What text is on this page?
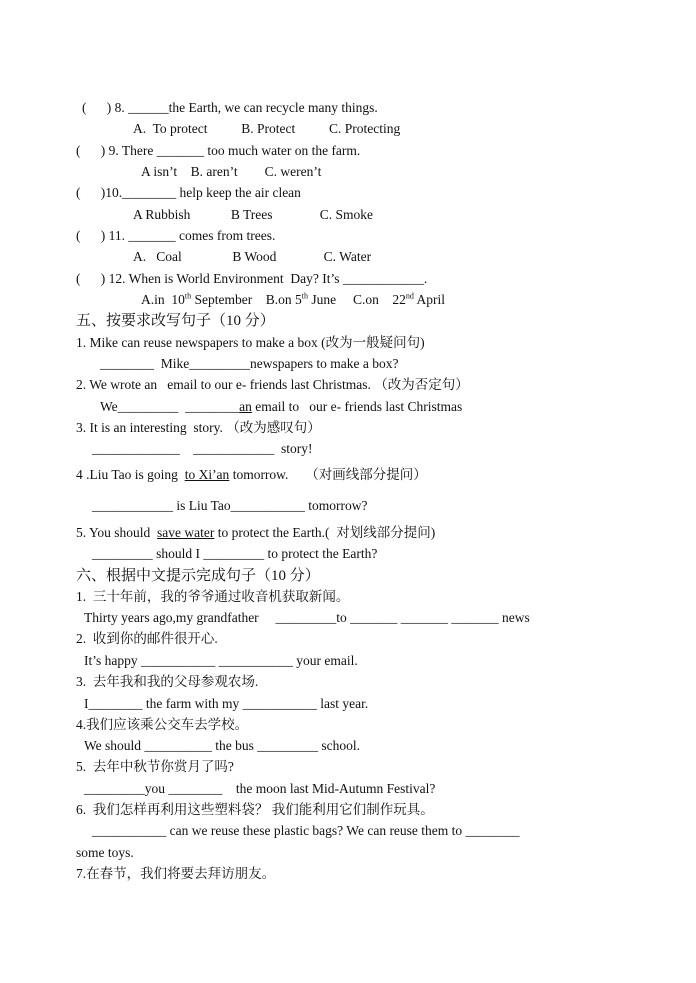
(      ) 8. ______the Earth, we can recycle many things.
A.  To protect          B. Protect          C. Protecting
(      ) 9. There _______ too much water on the farm.
A isn’t    B. aren’t        C. weren’t
(      )10.________ help keep the air clean
A Rubbish            B Trees              C. Smoke
(      ) 11. _______ comes from trees.
A.   Coal               B Wood              C. Water
(      ) 12. When is World Environment  Day? It’s ____________.
A.in  10th September    B.on 5th June     C.on    22nd April
五、按要求改写句子（10 分）
1. Mike can reuse newspapers to make a box (改为一般疑问句)
________  Mike_________newspapers to make a box?
2. We wrote an   email to our e- friends last Christmas. （改为否定句）
We_________  ________an email to   our e- friends last Christmas
3. It is an interesting  story. （改为感叹句）
_____________    ____________  story!
4 .Liu Tao is going  to Xi’an tomorrow.     （对画线部分提问）
____________ is Liu Tao___________ tomorrow?
5. You should  save water to protect the Earth.(  对划线部分提问)
_________ should I _________ to protect the Earth?
六、根据中文提示完成句子（10 分）
1.  三十年前，我的爷爷通过收音机获取新闻。
Thirty years ago,my grandfather     _________to _______ _______ _______ news
2.  收到你的邮件很开心.
It’s happy ___________ ___________ your email.
3.  去年我和我的父母参观农场.
I________ the farm with my ___________ last year.
4.我们应该乘公交车去学校。
We should __________ the bus _________ school.
5.  去年中秋节你赏月了吗?
_________you ________    the moon last Mid-Autumn Festival?
6.  我们怎样再利用这些塑料袋？ 我们能利用它们制作玩具。
___________ can we reuse these plastic bags? We can reuse them to ________
some toys.
7.在春节，我们将要去拜访朋友。
